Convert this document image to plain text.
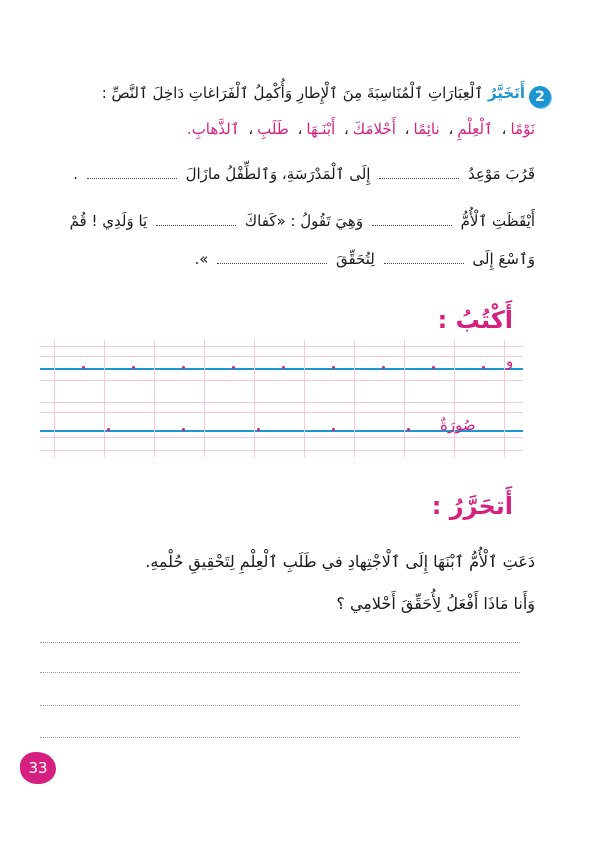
2
أَتَخَيَّرُ ٱلْعِبَارَاتِ ٱلْمُنَاسِبَةَ مِنَ ٱلْإِطارِ وَأُكْمِلُ ٱلْفَرَاغاتِ دَاخِلَ ٱلنَّصِّ :
نَوْمًا، ٱلْعِلْمِ، نائِمًا، أَحْلامَكَ، أَبْنَـهَا، طَلَبِ، ٱلذَّهابِ.
قَرُبَ مَوْعِدُ  إِلَى ٱلْمَدْرَسَةِ، وَٱلطِّفْلُ مازَالَ  .
أَيْقَظَتِ ٱلْأُمُّ  وَهِيَ تَقُولُ : «كَفاكَ  يَا وَلَدِي ! قُمْ
وَٱسْعَ إِلَى  لِتُحَقِّقَ  ».
أَكْتُبُ :
و
صُورَةٌ
أَتحَرَّرُ :
دَعَتِ ٱلْأُمُّ ٱبْنَهَا إِلَى ٱلْاجْتِهادِ في طَلَبِ ٱلْعِلْمِ لِتَحْقِيقِ حُلْمِهِ.
وَأَنا مَاذَا أَفْعَلُ لِأُحَقِّقَ أَحْلامِي ؟
33
